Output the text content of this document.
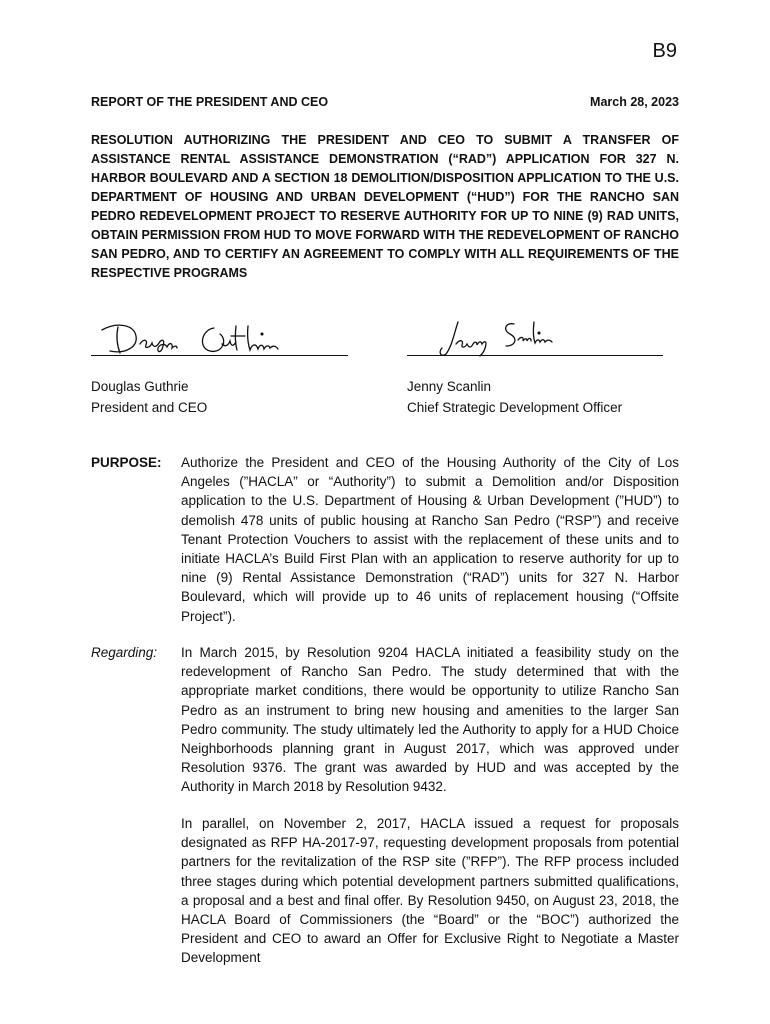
B9
REPORT OF THE PRESIDENT AND CEO	March 28, 2023

RESOLUTION AUTHORIZING THE PRESIDENT AND CEO TO SUBMIT A TRANSFER OF ASSISTANCE RENTAL ASSISTANCE DEMONSTRATION (“RAD”) APPLICATION FOR 327 N. HARBOR BOULEVARD AND A SECTION 18 DEMOLITION/DISPOSITION APPLICATION TO THE U.S. DEPARTMENT OF HOUSING AND URBAN DEVELOPMENT (“HUD”) FOR THE RANCHO SAN PEDRO REDEVELOPMENT PROJECT TO RESERVE AUTHORITY FOR UP TO NINE (9) RAD UNITS, OBTAIN PERMISSION FROM HUD TO MOVE FORWARD WITH THE REDEVELOPMENT OF RANCHO SAN PEDRO, AND TO CERTIFY AN AGREEMENT TO COMPLY WITH ALL REQUIREMENTS OF THE RESPECTIVE PROGRAMS

Douglas Guthrie
President and CEO
Jenny Scanlin
Chief Strategic Development Officer
PURPOSE: Authorize the President and CEO of the Housing Authority of the City of Los Angeles (”HACLA” or “Authority”) to submit a Demolition and/or Disposition application to the U.S. Department of Housing & Urban Development (”HUD”) to demolish 478 units of public housing at Rancho San Pedro (“RSP”) and receive Tenant Protection Vouchers to assist with the replacement of these units and to initiate HACLA’s Build First Plan with an application to reserve authority for up to nine (9) Rental Assistance Demonstration (“RAD”) units for 327 N. Harbor Boulevard, which will provide up to 46 units of replacement housing (“Offsite Project”).

Regarding: In March 2015, by Resolution 9204 HACLA initiated a feasibility study on the redevelopment of Rancho San Pedro. The study determined that with the appropriate market conditions, there would be opportunity to utilize Rancho San Pedro as an instrument to bring new housing and amenities to the larger San Pedro community. The study ultimately led the Authority to apply for a HUD Choice Neighborhoods planning grant in August 2017, which was approved under Resolution 9376. The grant was awarded by HUD and was accepted by the Authority in March 2018 by Resolution 9432.

In parallel, on November 2, 2017, HACLA issued a request for proposals designated as RFP HA-2017-97, requesting development proposals from potential partners for the revitalization of the RSP site (”RFP”). The RFP process included three stages during which potential development partners submitted qualifications, a proposal and a best and final offer. By Resolution 9450, on August 23, 2018, the HACLA Board of Commissioners (the “Board” or the “BOC”) authorized the President and CEO to award an Offer for Exclusive Right to Negotiate a Master Development
